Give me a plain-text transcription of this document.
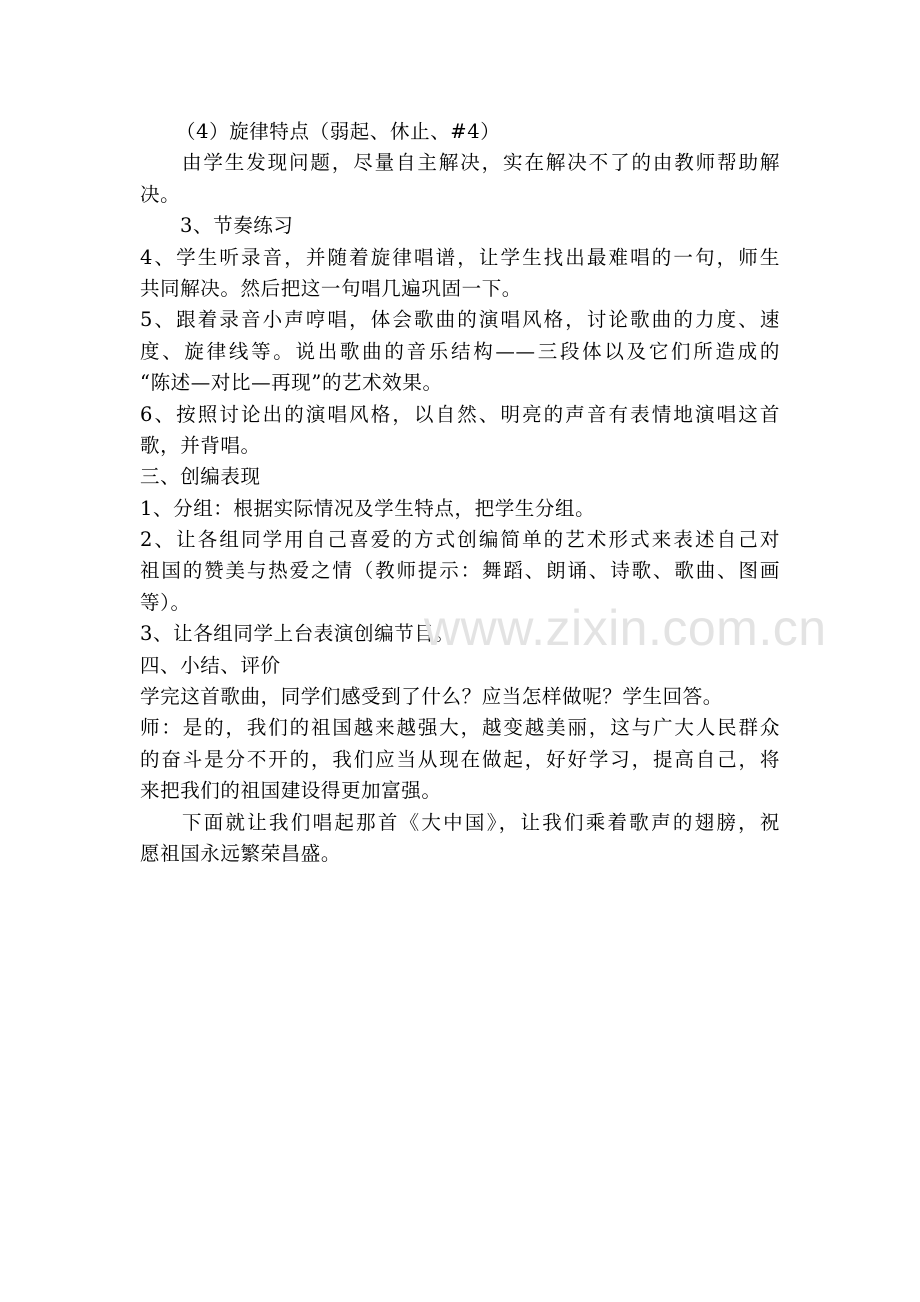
（4）旋律特点（弱起、休止、#4）
由学生发现问题，尽量自主解决，实在解决不了的由教师帮助解
决。
3、节奏练习
4、学生听录音，并随着旋律唱谱，让学生找出最难唱的一句，师生
共同解决。然后把这一句唱几遍巩固一下。
5、跟着录音小声哼唱，体会歌曲的演唱风格，讨论歌曲的力度、速
度、旋律线等。说出歌曲的音乐结构——三段体以及它们所造成的
“陈述—对比—再现”的艺术效果。
6、按照讨论出的演唱风格，以自然、明亮的声音有表情地演唱这首
歌，并背唱。
三、创编表现
1、分组：根据实际情况及学生特点，把学生分组。
2、让各组同学用自己喜爱的方式创编简单的艺术形式来表述自己对
祖国的赞美与热爱之情（教师提示：舞蹈、朗诵、诗歌、歌曲、图画
等）。
3、让各组同学上台表演创编节目。
四、小结、评价
学完这首歌曲，同学们感受到了什么？应当怎样做呢？学生回答。
师：是的，我们的祖国越来越强大，越变越美丽，这与广大人民群众
的奋斗是分不开的，我们应当从现在做起，好好学习，提高自己，将
来把我们的祖国建设得更加富强。
下面就让我们唱起那首《大中国》，让我们乘着歌声的翅膀，祝
愿祖国永远繁荣昌盛。
www.zixin.com.cn
